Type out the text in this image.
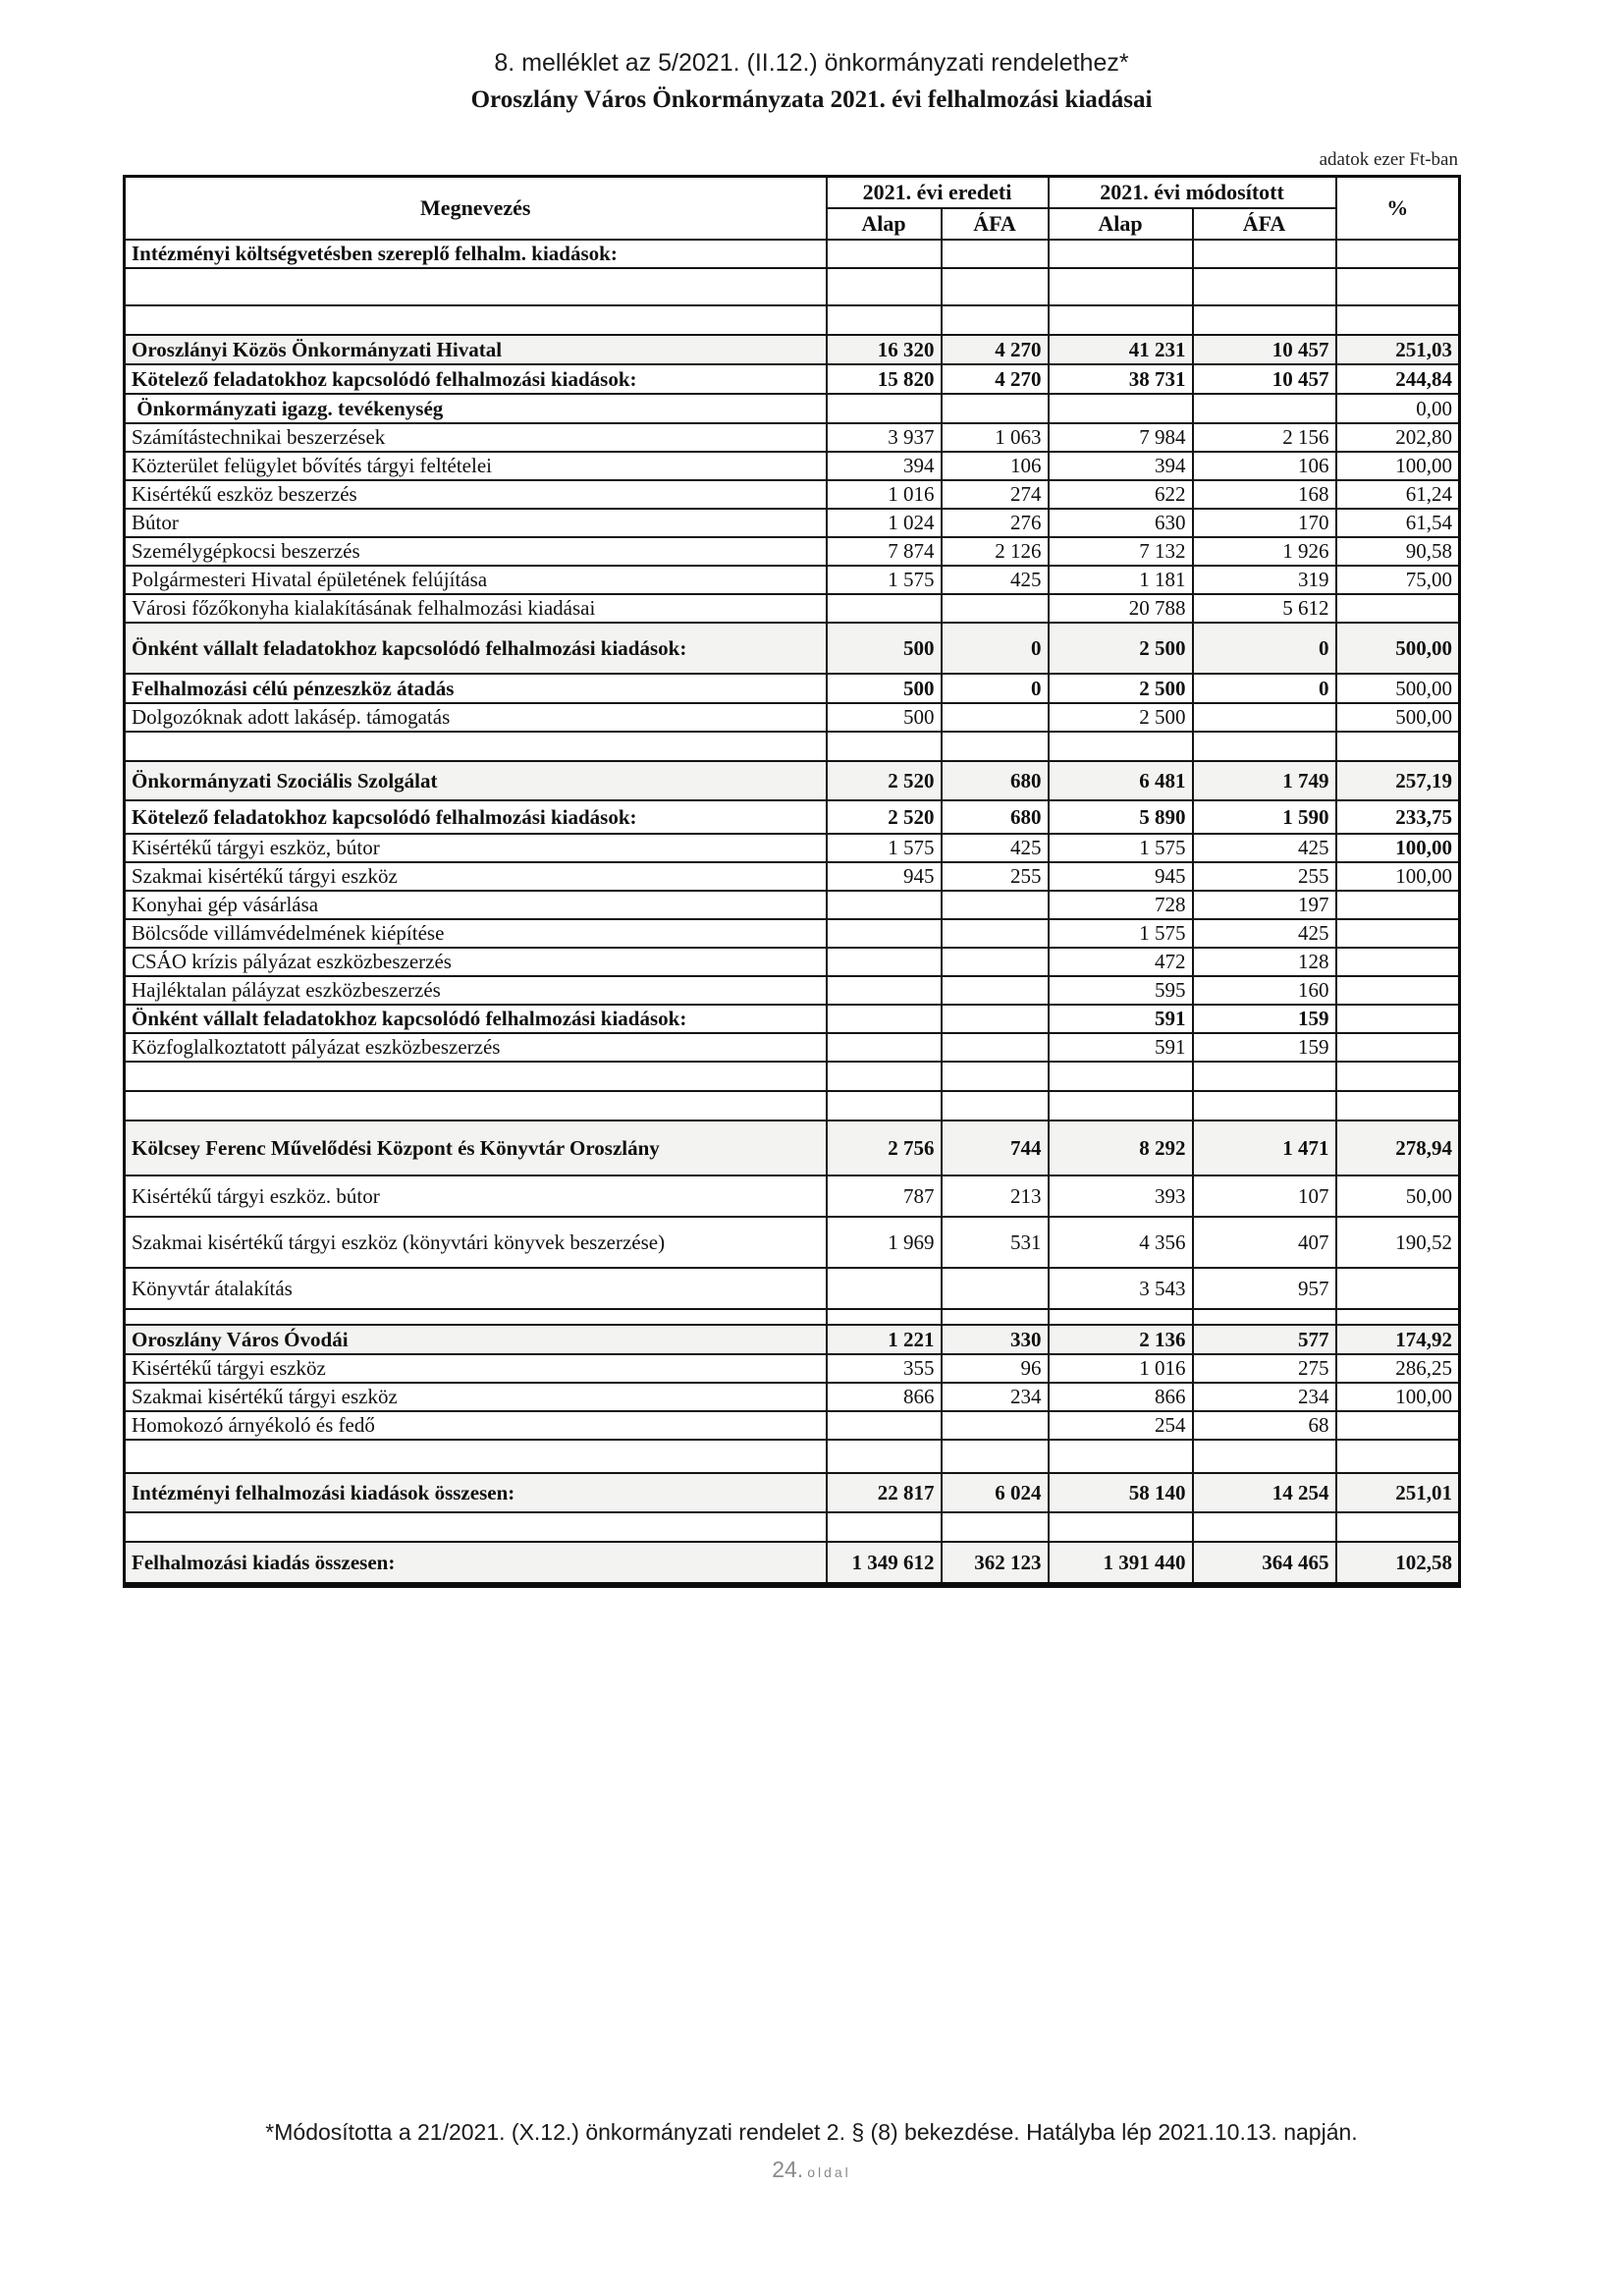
8. melléklet az 5/2021. (II.12.) önkormányzati rendelethez*
Oroszlány Város Önkormányzata 2021. évi felhalmozási kiadásai
adatok ezer Ft-ban
Megnevezés	2021. évi eredeti		2021. évi módosított		%
	Alap	ÁFA	Alap	ÁFA	
Intézményi költségvetésben szereplő felhalm. kiadások:					

Oroszlányi Közös Önkormányzati Hivatal	16 320	4 270	41 231	10 457	251,03
Kötelező feladatokhoz kapcsolódó felhalmozási kiadások:	15 820	4 270	38 731	10 457	244,84
Önkormányzati igazg. tevékenység					0,00
Számítástechnikai beszerzések	3 937	1 063	7 984	2 156	202,80
Közterület felügylet bővítés tárgyi feltételei	394	106	394	106	100,00
Kisértékű eszköz beszerzés	1 016	274	622	168	61,24
Bútor	1 024	276	630	170	61,54
Személygépkocsi beszerzés	7 874	2 126	7 132	1 926	90,58
Polgármesteri Hivatal épületének felújítása	1 575	425	1 181	319	75,00
Városi főzőkonyha kialakításának felhalmozási kiadásai			20 788	5 612	
Önként vállalt feladatokhoz kapcsolódó felhalmozási kiadások:	500	0	2 500	0	500,00
Felhalmozási célú pénzeszköz átadás	500	0	2 500	0	500,00
Dolgozóknak adott lakásép. támogatás	500		2 500		500,00

Önkormányzati Szociális Szolgálat	2 520	680	6 481	1 749	257,19
Kötelező feladatokhoz kapcsolódó felhalmozási kiadások:	2 520	680	5 890	1 590	233,75
Kisértékű tárgyi eszköz, bútor	1 575	425	1 575	425	100,00
Szakmai kisértékű tárgyi eszköz	945	255	945	255	100,00
Konyhai gép vásárlása			728	197	
Bölcsőde villámvédelmének kiépítése			1 575	425	
CSÁO krízis pályázat eszközbeszerzés			472	128	
Hajléktalan páláyzat eszközbeszerzés			595	160	
Önként vállalt feladatokhoz kapcsolódó felhalmozási kiadások:			591	159	
Közfoglalkoztatott pályázat eszközbeszerzés			591	159	

Kölcsey Ferenc Művelődési Központ és Könyvtár Oroszlány	2 756	744	8 292	1 471	278,94
Kisértékű tárgyi eszköz. bútor	787	213	393	107	50,00
Szakmai kisértékű tárgyi eszköz (könyvtári könyvek beszerzése)	1 969	531	4 356	407	190,52
Könyvtár átalakítás			3 543	957	

Oroszlány Város Óvodái	1 221	330	2 136	577	174,92
Kisértékű tárgyi eszköz	355	96	1 016	275	286,25
Szakmai kisértékű tárgyi eszköz	866	234	866	234	100,00
Homokozó árnyékoló és fedő			254	68	

Intézményi felhalmozási kiadások összesen:	22 817	6 024	58 140	14 254	251,01

Felhalmozási kiadás összesen:	1 349 612	362 123	1 391 440	364 465	102,58
*Módosította a 21/2021. (X.12.) önkormányzati rendelet 2. § (8) bekezdése. Hatályba lép 2021.10.13. napján.
24. oldal
